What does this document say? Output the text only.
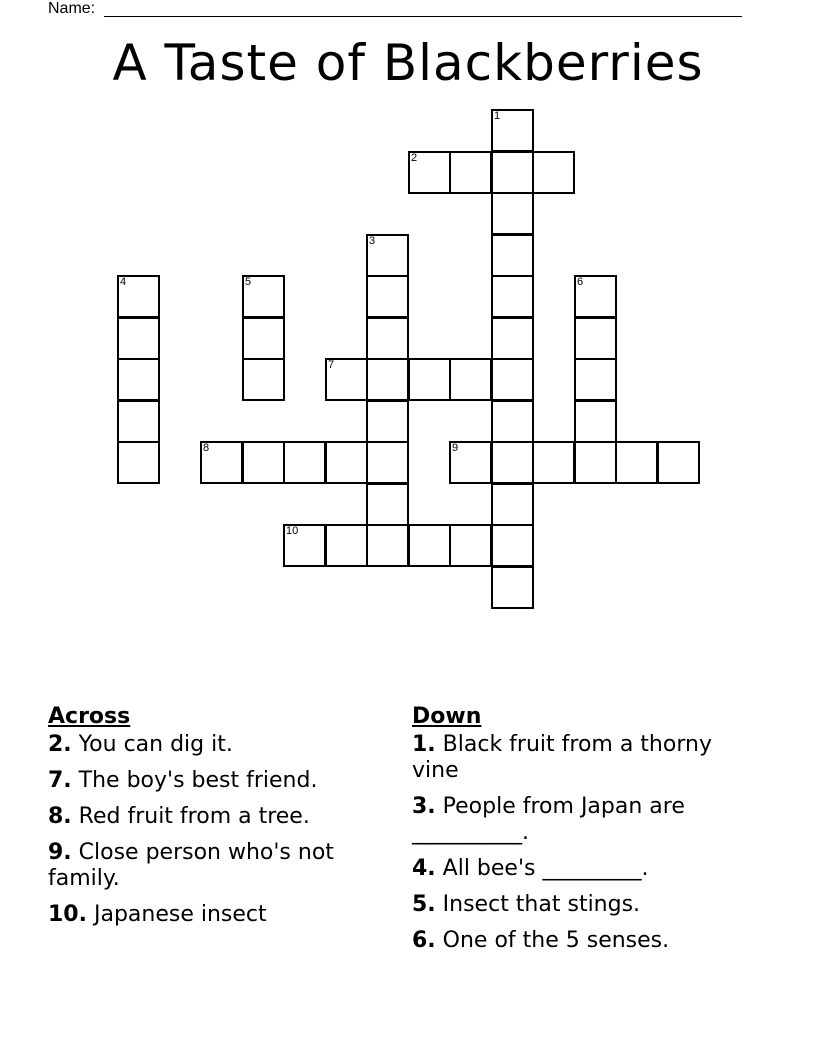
Name:
A Taste of Blackberries
1
2
3
4	5	6
7
8	9
10
Across
2. You can dig it.
7. The boy's best friend.
8. Red fruit from a tree.
9. Close person who's not family.
10. Japanese insect
Down
1. Black fruit from a thorny vine
3. People from Japan are __________.
4. All bee's _________.
5. Insect that stings.
6. One of the 5 senses.
